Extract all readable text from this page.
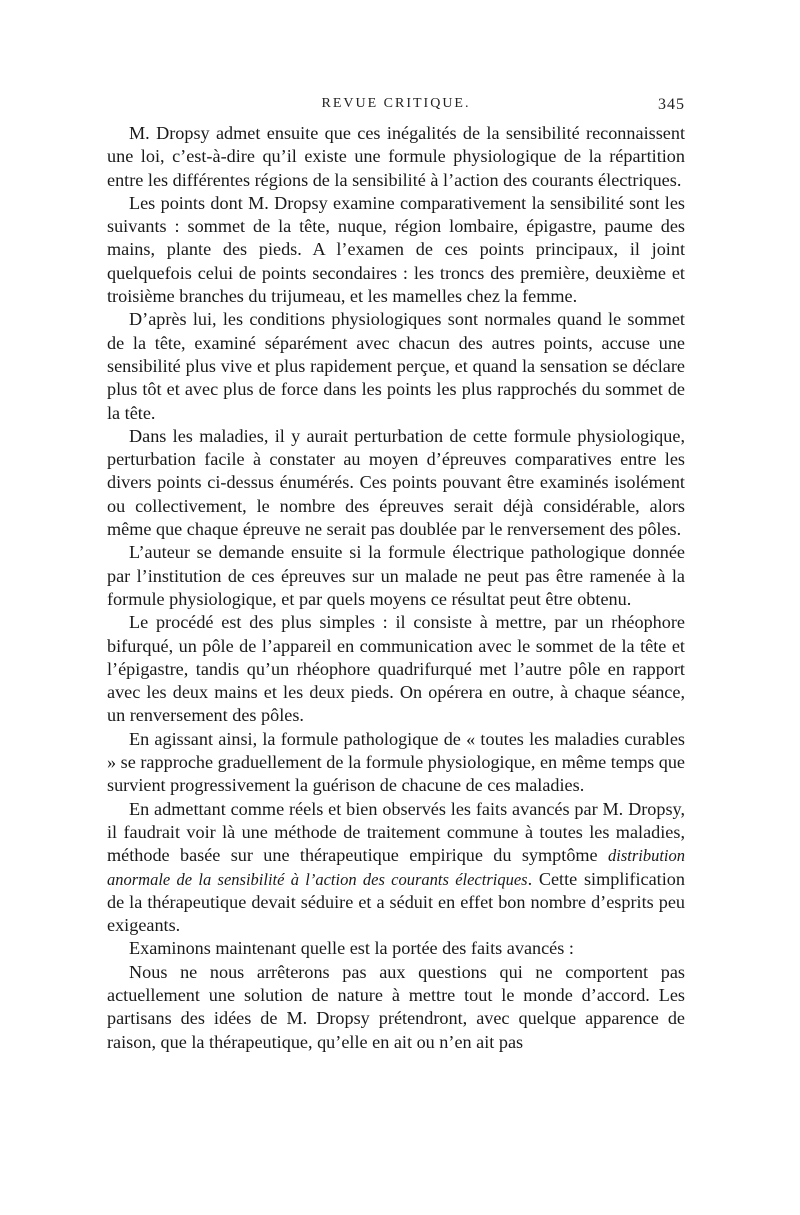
REVUE CRITIQUE.	345

M. Dropsy admet ensuite que ces inégalités de la sensibilité reconnaissent une loi, c’est-à-dire qu’il existe une formule physiologique de la répartition entre les différentes régions de la sensibilité à l’action des courants électriques.

Les points dont M. Dropsy examine comparativement la sensibilité sont les suivants : sommet de la tête, nuque, région lombaire, épigastre, paume des mains, plante des pieds. A l’examen de ces points principaux, il joint quelquefois celui de points secondaires : les troncs des première, deuxième et troisième branches du trijumeau, et les mamelles chez la femme.

D’après lui, les conditions physiologiques sont normales quand le sommet de la tête, examiné séparément avec chacun des autres points, accuse une sensibilité plus vive et plus rapidement perçue, et quand la sensation se déclare plus tôt et avec plus de force dans les points les plus rapprochés du sommet de la tête.

Dans les maladies, il y aurait perturbation de cette formule physiologique, perturbation facile à constater au moyen d’épreuves comparatives entre les divers points ci-dessus énumérés. Ces points pouvant être examinés isolément ou collectivement, le nombre des épreuves serait déjà considérable, alors même que chaque épreuve ne serait pas doublée par le renversement des pôles.

L’auteur se demande ensuite si la formule électrique pathologique donnée par l’institution de ces épreuves sur un malade ne peut pas être ramenée à la formule physiologique, et par quels moyens ce résultat peut être obtenu.

Le procédé est des plus simples : il consiste à mettre, par un rhéophore bifurqué, un pôle de l’appareil en communication avec le sommet de la tête et l’épigastre, tandis qu’un rhéophore quadrifurqué met l’autre pôle en rapport avec les deux mains et les deux pieds. On opérera en outre, à chaque séance, un renversement des pôles.

En agissant ainsi, la formule pathologique de « toutes les maladies curables » se rapproche graduellement de la formule physiologique, en même temps que survient progressivement la guérison de chacune de ces maladies.

En admettant comme réels et bien observés les faits avancés par M. Dropsy, il faudrait voir là une méthode de traitement commune à toutes les maladies, méthode basée sur une thérapeutique empirique du symptôme distribution anormale de la sensibilité à l’action des courants électriques. Cette simplification de la thérapeutique devait séduire et a séduit en effet bon nombre d’esprits peu exigeants.

Examinons maintenant quelle est la portée des faits avancés :

Nous ne nous arrêterons pas aux questions qui ne comportent pas actuellement une solution de nature à mettre tout le monde d’accord. Les partisans des idées de M. Dropsy prétendront, avec quelque apparence de raison, que la thérapeutique, qu’elle en ait ou n’en ait pas
